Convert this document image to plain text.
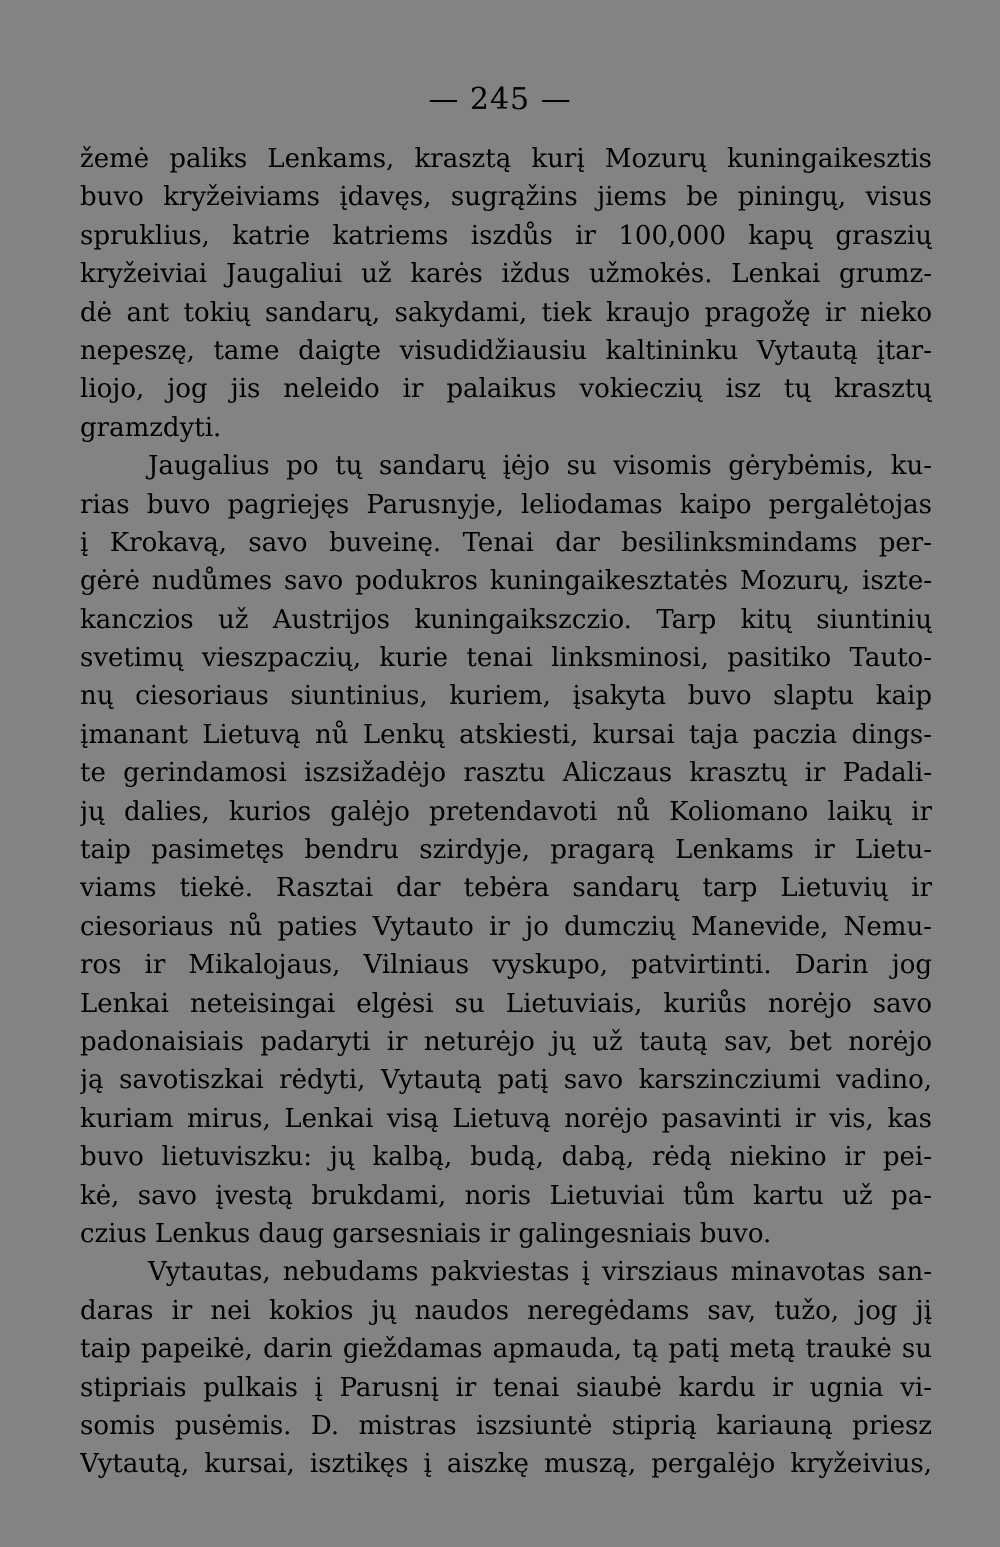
— 245 —
žemė paliks Lenkams, krasztą kurį Mozurų kuningaikesztis
buvo kryžeiviams įdavęs, sugrąžins jiems be piningų, visus
spruklius, katrie katriems iszdůs ir 100,000 kapų graszių
kryžeiviai Jaugaliui už karės iždus užmokės. Lenkai grumz-
dė ant tokių sandarų, sakydami, tiek kraujo pragožę ir nieko
nepeszę, tame daigte visudidžiausiu kaltininku Vytautą įtar-
liojo, jog jis neleido ir palaikus vokieczių isz tų krasztų
gramzdyti.
Jaugalius po tų sandarų įėjo su visomis gėrybėmis, ku-
rias buvo pagriejęs Parusnyje, leliodamas kaipo pergalėtojas
į Krokavą, savo buveinę. Tenai dar besilinksmindams per-
gėrė nudůmes savo podukros kuningaikesztatės Mozurų, iszte-
kanczios už Austrijos kuningaikszczio. Tarp kitų siuntinių
svetimų vieszpaczių, kurie tenai linksminosi, pasitiko Tauto-
nų ciesoriaus siuntinius, kuriem, įsakyta buvo slaptu kaip
įmanant Lietuvą nů Lenkų atskiesti, kursai taja paczia dings-
te gerindamosi iszsižadėjo rasztu Aliczaus krasztų ir Padali-
jų dalies, kurios galėjo pretendavoti nů Koliomano laikų ir
taip pasimetęs bendru szirdyje, pragarą Lenkams ir Lietu-
viams tiekė. Rasztai dar tebėra sandarų tarp Lietuvių ir
ciesoriaus nů paties Vytauto ir jo dumczių Manevide, Nemu-
ros ir Mikalojaus, Vilniaus vyskupo, patvirtinti. Darin jog
Lenkai neteisingai elgėsi su Lietuviais, kuriůs norėjo savo
padonaisiais padaryti ir neturėjo jų už tautą sav, bet norėjo
ją savotiszkai rėdyti, Vytautą patį savo karszincziumi vadino,
kuriam mirus, Lenkai visą Lietuvą norėjo pasavinti ir vis, kas
buvo lietuviszku: jų kalbą, budą, dabą, rėdą niekino ir pei-
kė, savo įvestą brukdami, noris Lietuviai tům kartu už pa-
czius Lenkus daug garsesniais ir galingesniais buvo.
Vytautas, nebudams pakviestas į virsziaus minavotas san-
daras ir nei kokios jų naudos neregėdams sav, tužo, jog jį
taip papeikė, darin gieždamas apmauda, tą patį metą traukė su
stipriais pulkais į Parusnį ir tenai siaubė kardu ir ugnia vi-
somis pusėmis. D. mistras iszsiuntė stiprią kariauną priesz
Vytautą, kursai, isztikęs į aiszkę muszą, pergalėjo kryžeivius,
